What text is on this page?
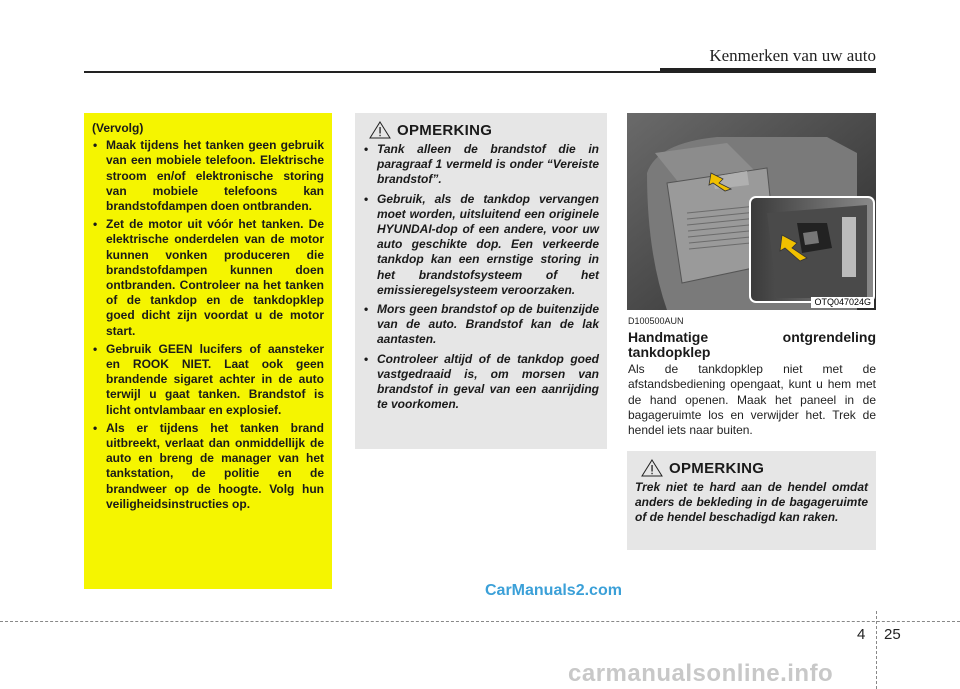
Kenmerken van uw auto
(Vervolg)
• Maak tijdens het tanken geen gebruik van een mobiele telefoon. Elektrische stroom en/of elektronische storing van mobiele telefoons kan brandstofdampen doen ontbranden.
• Zet de motor uit vóór het tanken. De elektrische onderdelen van de motor kunnen vonken produceren die brandstofdampen kunnen doen ontbranden. Controleer na het tanken of de tankdop en de tankdopklep goed dicht zijn voordat u de motor start.
• Gebruik GEEN lucifers of aansteker en ROOK NIET. Laat ook geen brandende sigaret achter in de auto terwijl u gaat tanken. Brandstof is licht ontvlambaar en explosief.
• Als er tijdens het tanken brand uitbreekt, verlaat dan onmiddellijk de auto en breng de manager van het tankstation, de politie en de brandweer op de hoogte. Volg hun veiligheidsinstructies op.
OPMERKING
• Tank alleen de brandstof die in paragraaf 1 vermeld is onder “Vereiste brandstof”.
• Gebruik, als de tankdop vervangen moet worden, uitsluitend een originele HYUNDAI-dop of een andere, voor uw auto geschikte dop. Een verkeerde tankdop kan een ernstige storing in het brandstofsysteem of het emissieregelsysteem veroorzaken.
• Mors geen brandstof op de buitenzijde van de auto. Brandstof kan de lak aantasten.
• Controleer altijd of de tankdop goed vastgedraaid is, om morsen van brandstof in geval van een aanrijding te voorkomen.
OTQ047024G
D100500AUN
Handmatige ontgrendeling tankdopklep
Als de tankdopklep niet met de afstandsbediening opengaat, kunt u hem met de hand openen. Maak het paneel in de bagageruimte los en verwijder het. Trek de hendel iets naar buiten.
OPMERKING
Trek niet te hard aan de hendel omdat anders de bekleding in de bagageruimte of de hendel beschadigd kan raken.
CarManuals2.com
4 25
carmanualsonline.info
